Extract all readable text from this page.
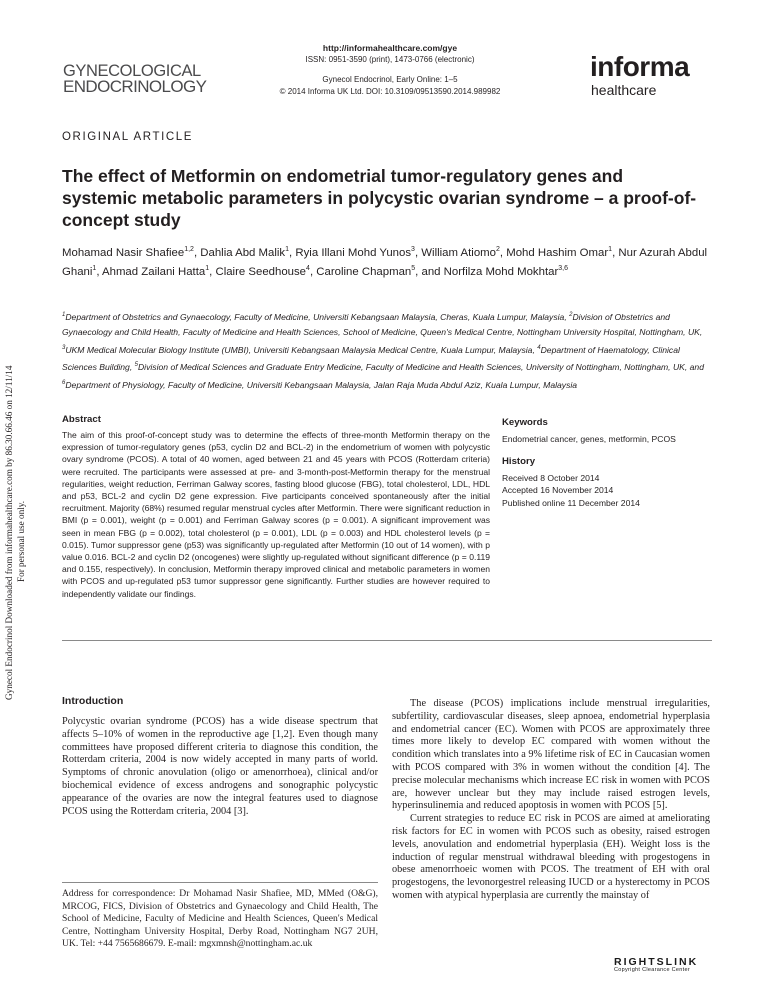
Gynecol Endocrinol Downloaded from informahealthcare.com by 86.30.66.46 on 12/11/14 For personal use only.
GYNECOLOGICAL
ENDOCRINOLOGY
http://informahealthcare.com/gye
ISSN: 0951-3590 (print), 1473-0766 (electronic)
Gynecol Endocrinol, Early Online: 1–5
© 2014 Informa UK Ltd. DOI: 10.3109/09513590.2014.989982
informa
healthcare
ORIGINAL ARTICLE
The effect of Metformin on endometrial tumor-regulatory genes and systemic metabolic parameters in polycystic ovarian syndrome – a proof-of-concept study
Mohamad Nasir Shafiee$^{1,2}$, Dahlia Abd Malik$^1$, Ryia Illani Mohd Yunos$^3$, William Atiomo$^2$, Mohd Hashim Omar$^1$, Nur Azurah Abdul Ghani$^1$, Ahmad Zailani Hatta$^1$, Claire Seedhouse$^4$, Caroline Chapman$^5$, and Norfilza Mohd Mokhtar$^{3,6}$
$^1$Department of Obstetrics and Gynaecology, Faculty of Medicine, Universiti Kebangsaan Malaysia, Cheras, Kuala Lumpur, Malaysia, $^2$Division of Obstetrics and Gynaecology and Child Health, Faculty of Medicine and Health Sciences, School of Medicine, Queen's Medical Centre, Nottingham University Hospital, Nottingham, UK, $^3$UKM Medical Molecular Biology Institute (UMBI), Universiti Kebangsaan Malaysia Medical Centre, Kuala Lumpur, Malaysia, $^4$Department of Haematology, Clinical Sciences Building, $^5$Division of Medical Sciences and Graduate Entry Medicine, Faculty of Medicine and Health Sciences, University of Nottingham, Nottingham, UK, and $^6$Department of Physiology, Faculty of Medicine, Universiti Kebangsaan Malaysia, Jalan Raja Muda Abdul Aziz, Kuala Lumpur, Malaysia
Abstract
The aim of this proof-of-concept study was to determine the effects of three-month Metformin therapy on the expression of tumor-regulatory genes (p53, cyclin D2 and BCL-2) in the endometrium of women with polycystic ovary syndrome (PCOS). A total of 40 women, aged between 21 and 45 years with PCOS (Rotterdam criteria) were recruited. The participants were assessed at pre- and 3-month-post-Metformin therapy for the menstrual regularities, weight reduction, Ferriman Galway scores, fasting blood glucose (FBG), total cholesterol, LDL, HDL and p53, BCL-2 and cyclin D2 gene expression. Five participants conceived spontaneously after the initial recruitment. Majority (68%) resumed regular menstrual cycles after Metformin. There were significant reduction in BMI (p = 0.001), weight (p = 0.001) and Ferriman Galway scores (p = 0.001). A significant improvement was seen in mean FBG (p = 0.002), total cholesterol (p = 0.001), LDL (p = 0.003) and HDL cholesterol levels (p = 0.015). Tumor suppressor gene (p53) was significantly up-regulated after Metformin (10 out of 14 women), with p value 0.016. BCL-2 and cyclin D2 (oncogenes) were slightly up-regulated without significant difference (p = 0.119 and 0.155, respectively). In conclusion, Metformin therapy improved clinical and metabolic parameters in women with PCOS and up-regulated p53 tumor suppressor gene significantly. Further studies are however required to independently validate our findings.
Keywords
Endometrial cancer, genes, metformin, PCOS
History
Received 8 October 2014
Accepted 16 November 2014
Published online 11 December 2014
Introduction
Polycystic ovarian syndrome (PCOS) has a wide disease spectrum that affects 5–10% of women in the reproductive age [1,2]. Even though many committees have proposed different criteria to diagnose this condition, the Rotterdam criteria, 2004 is now widely accepted in many parts of world. Symptoms of chronic anovulation (oligo or amenorrhoea), clinical and/or biochemical evidence of excess androgens and sonographic polycystic appearance of the ovaries are now the integral features used to diagnose PCOS using the Rotterdam criteria, 2004 [3].

The disease (PCOS) implications include menstrual irregularities, subfertility, cardiovascular diseases, sleep apnoea, endometrial hyperplasia and endometrial cancer (EC). Women with PCOS are approximately three times more likely to develop EC compared with women without the condition which translates into a 9% lifetime risk of EC in Caucasian women with PCOS compared with 3% in women without the condition [4]. The precise molecular mechanisms which increase EC risk in women with PCOS are, however unclear but they may include raised estrogen levels, hyperinsulinemia and reduced apoptosis in women with PCOS [5].

Current strategies to reduce EC risk in PCOS are aimed at ameliorating risk factors for EC in women with PCOS such as obesity, raised estrogen levels, anovulation and endometrial hyperplasia (EH). Weight loss is the induction of regular menstrual withdrawal bleeding with progestogens in obese amenorrhoeic women with PCOS. The treatment of EH with oral progestogens, the levonorgestrel releasing IUCD or a hysterectomy in PCOS women with atypical hyperplasia are currently the mainstay of

Address for correspondence: Dr Mohamad Nasir Shafiee, MD, MMed (O&G), MRCOG, FICS, Division of Obstetrics and Gynaecology and Child Health, The School of Medicine, Faculty of Medicine and Health Sciences, Queen's Medical Centre, Nottingham University Hospital, Derby Road, Nottingham NG7 2UH, UK. Tel: +44 7565686679. E-mail: mgxmnsh@nottingham.ac.uk
RIGHTSLINK
Copyright Clearance Center
